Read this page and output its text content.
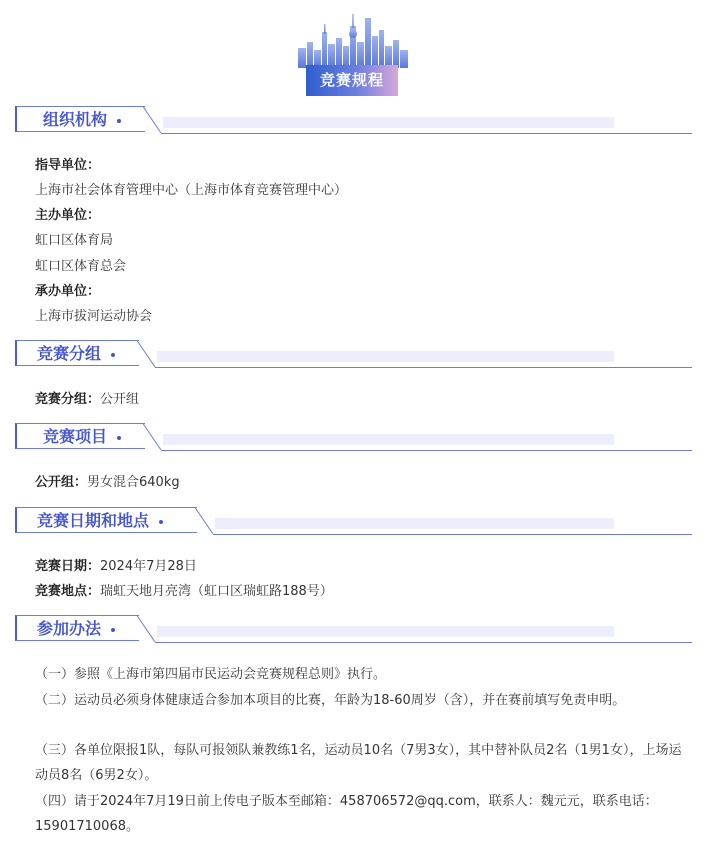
竞赛规程
组织机构
指导单位：
上海市社会体育管理中心（上海市体育竞赛管理中心）
主办单位：
虹口区体育局
虹口区体育总会
承办单位：
上海市拔河运动协会
竞赛分组
竞赛分组：公开组
竞赛项目
公开组：男女混合640kg
竞赛日期和地点
竞赛日期：2024年7月28日
竞赛地点：瑞虹天地月亮湾（虹口区瑞虹路188号）
参加办法
（一）参照《上海市第四届市民运动会竞赛规程总则》执行。
（二）运动员必须身体健康适合参加本项目的比赛，年龄为18-60周岁（含），并在赛前填写免责申明。
（三）各单位限报1队，每队可报领队兼教练1名，运动员10名（7男3女），其中替补队员2名（1男1女），上场运动员8名（6男2女）。
（四）请于2024年7月19日前上传电子版本至邮箱：458706572@qq.com，联系人：魏元元，联系电话：15901710068。
